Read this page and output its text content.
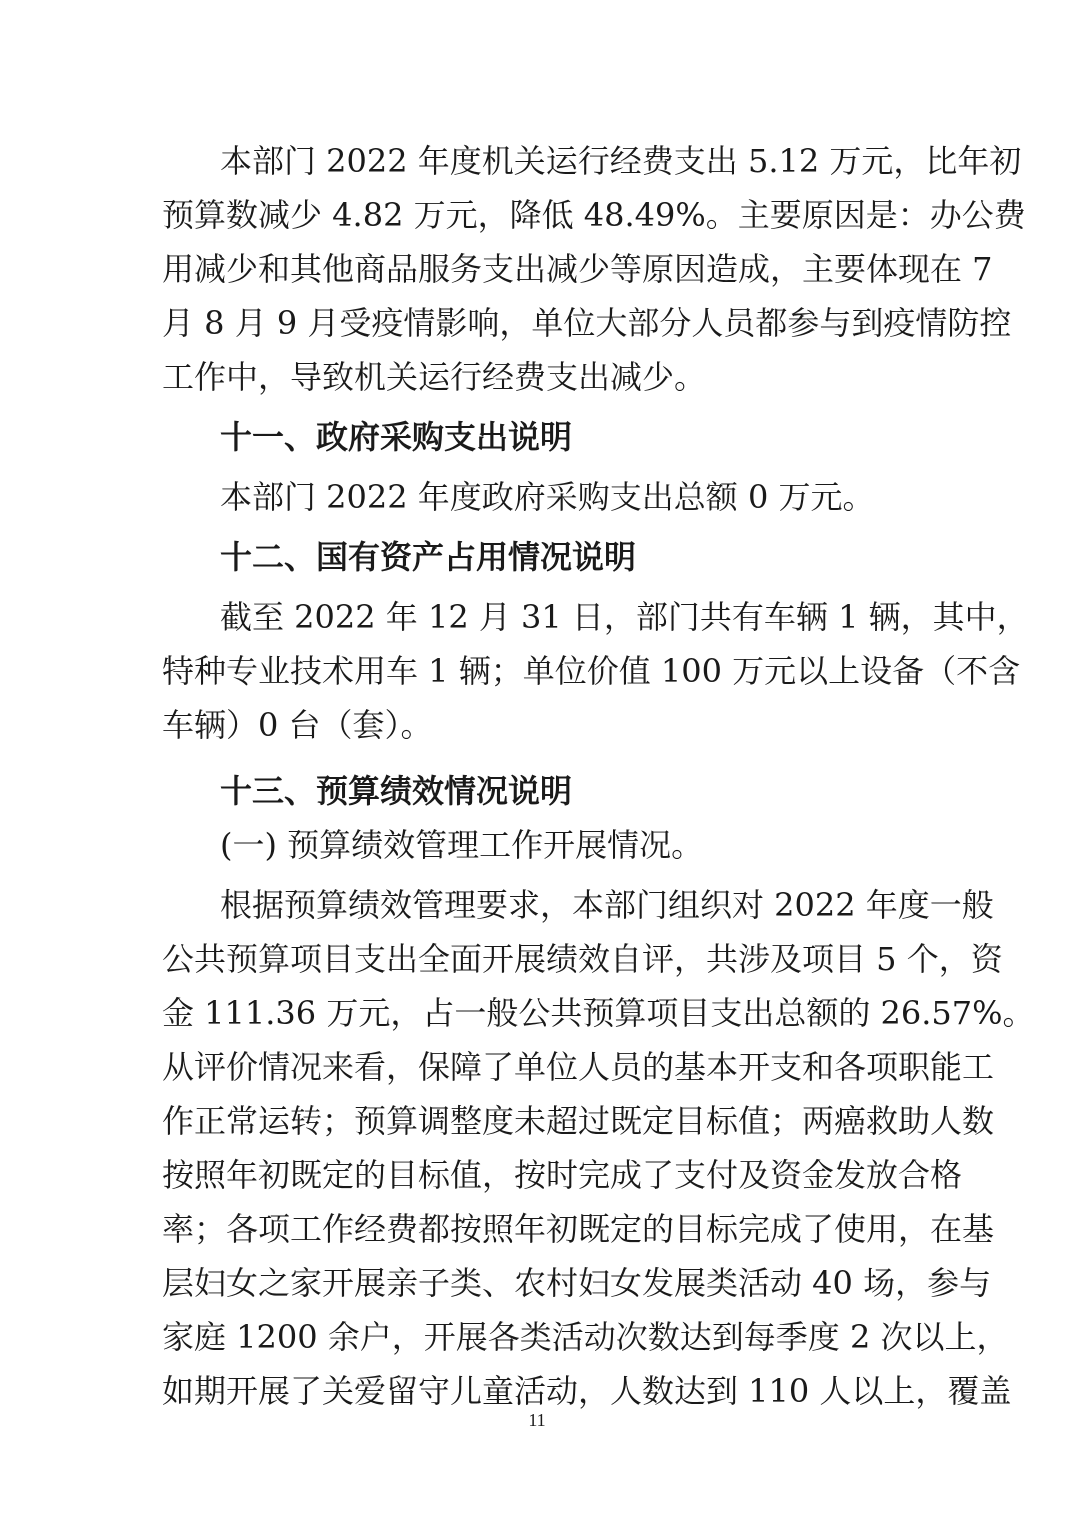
本部门 2022 年度机关运行经费支出 5.12 万元，比年初
预算数减少 4.82 万元，降低 48.49%。主要原因是：办公费
用减少和其他商品服务支出减少等原因造成，主要体现在 7
月 8 月 9 月受疫情影响，单位大部分人员都参与到疫情防控
工作中，导致机关运行经费支出减少。
十一、政府采购支出说明
本部门 2022 年度政府采购支出总额 0 万元。
十二、国有资产占用情况说明
截至 2022 年 12 月 31 日，部门共有车辆 1 辆，其中，
特种专业技术用车 1 辆；单位价值 100 万元以上设备（不含
车辆）0 台（套）。
十三、预算绩效情况说明
(一) 预算绩效管理工作开展情况。
根据预算绩效管理要求，本部门组织对 2022 年度一般
公共预算项目支出全面开展绩效自评，共涉及项目 5 个，资
金 111.36 万元，占一般公共预算项目支出总额的 26.57%。
从评价情况来看，保障了单位人员的基本开支和各项职能工
作正常运转；预算调整度未超过既定目标值；两癌救助人数
按照年初既定的目标值，按时完成了支付及资金发放合格
率；各项工作经费都按照年初既定的目标完成了使用，在基
层妇女之家开展亲子类、农村妇女发展类活动 40 场，参与
家庭 1200 余户，开展各类活动次数达到每季度 2 次以上，
如期开展了关爱留守儿童活动，人数达到 110 人以上，覆盖
11
